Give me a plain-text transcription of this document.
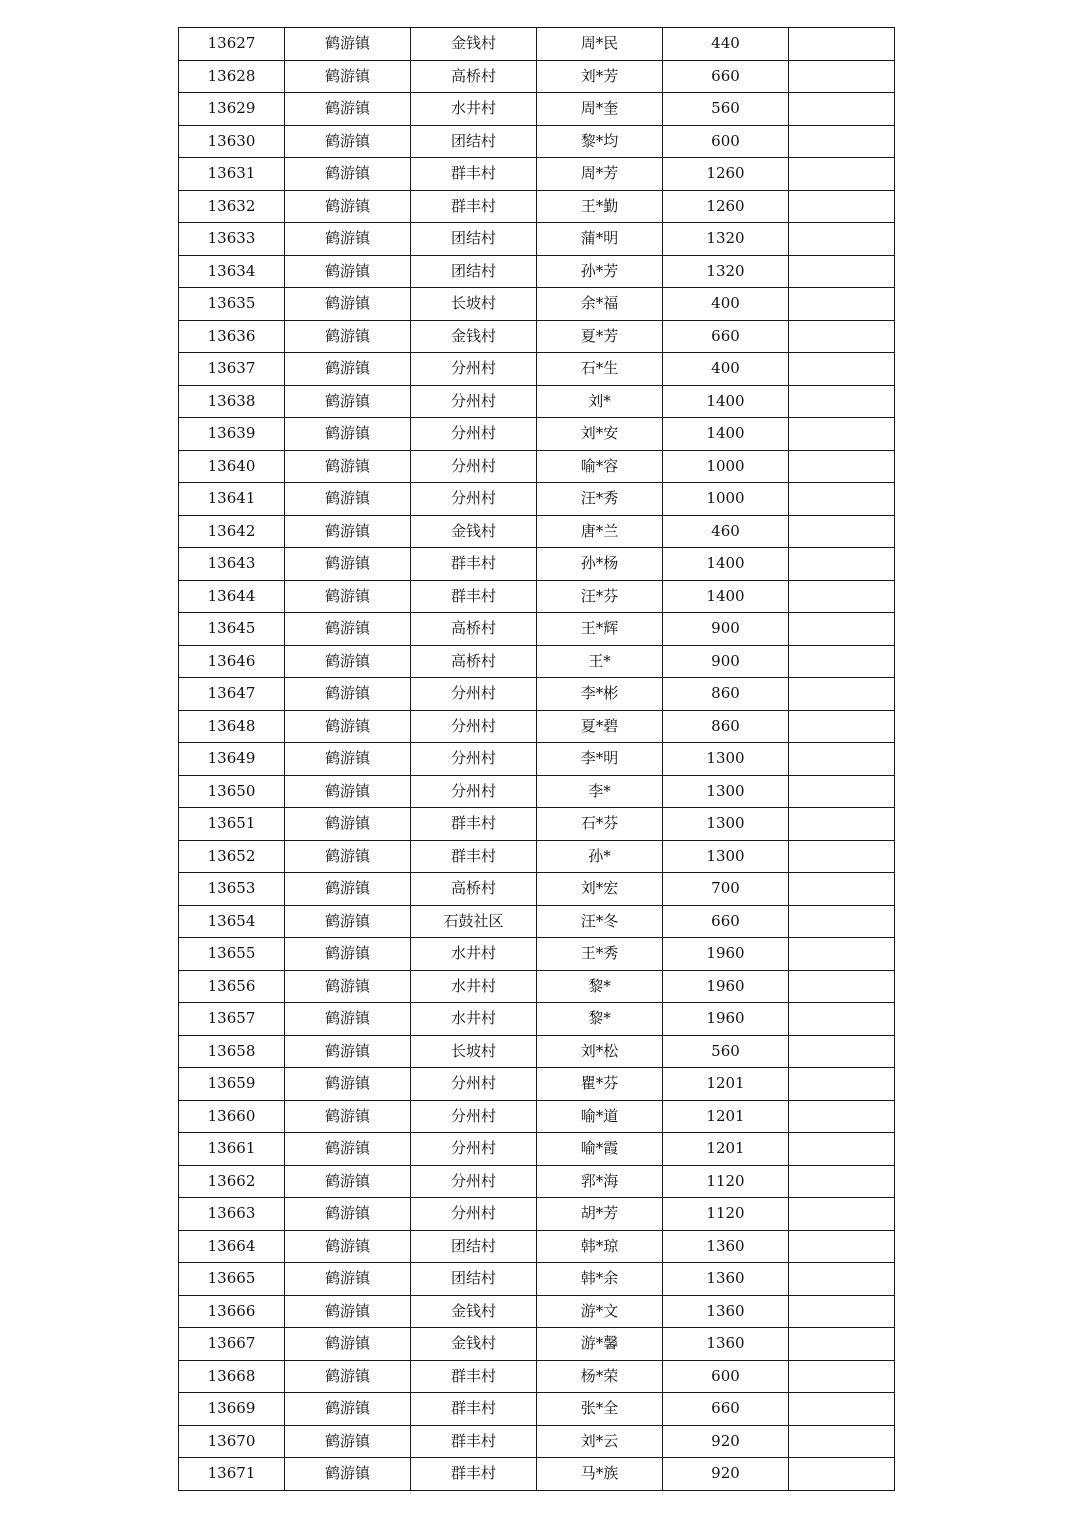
13627	鹤游镇	金钱村	周*民	440	
13628	鹤游镇	高桥村	刘*芳	660	
13629	鹤游镇	水井村	周*奎	560	
13630	鹤游镇	团结村	黎*均	600	
13631	鹤游镇	群丰村	周*芳	1260	
13632	鹤游镇	群丰村	王*勤	1260	
13633	鹤游镇	团结村	蒲*明	1320	
13634	鹤游镇	团结村	孙*芳	1320	
13635	鹤游镇	长坡村	余*福	400	
13636	鹤游镇	金钱村	夏*芳	660	
13637	鹤游镇	分州村	石*生	400	
13638	鹤游镇	分州村	刘*	1400	
13639	鹤游镇	分州村	刘*安	1400	
13640	鹤游镇	分州村	喻*容	1000	
13641	鹤游镇	分州村	汪*秀	1000	
13642	鹤游镇	金钱村	唐*兰	460	
13643	鹤游镇	群丰村	孙*杨	1400	
13644	鹤游镇	群丰村	汪*芬	1400	
13645	鹤游镇	高桥村	王*辉	900	
13646	鹤游镇	高桥村	王*	900	
13647	鹤游镇	分州村	李*彬	860	
13648	鹤游镇	分州村	夏*碧	860	
13649	鹤游镇	分州村	李*明	1300	
13650	鹤游镇	分州村	李*	1300	
13651	鹤游镇	群丰村	石*芬	1300	
13652	鹤游镇	群丰村	孙*	1300	
13653	鹤游镇	高桥村	刘*宏	700	
13654	鹤游镇	石鼓社区	汪*冬	660	
13655	鹤游镇	水井村	王*秀	1960	
13656	鹤游镇	水井村	黎*	1960	
13657	鹤游镇	水井村	黎*	1960	
13658	鹤游镇	长坡村	刘*松	560	
13659	鹤游镇	分州村	瞿*芬	1201	
13660	鹤游镇	分州村	喻*道	1201	
13661	鹤游镇	分州村	喻*霞	1201	
13662	鹤游镇	分州村	郛*海	1120	
13663	鹤游镇	分州村	胡*芳	1120	
13664	鹤游镇	团结村	韩*琼	1360	
13665	鹤游镇	团结村	韩*余	1360	
13666	鹤游镇	金钱村	游*文	1360	
13667	鹤游镇	金钱村	游*馨	1360	
13668	鹤游镇	群丰村	杨*荣	600	
13669	鹤游镇	群丰村	张*全	660	
13670	鹤游镇	群丰村	刘*云	920	
13671	鹤游镇	群丰村	马*族	920	
